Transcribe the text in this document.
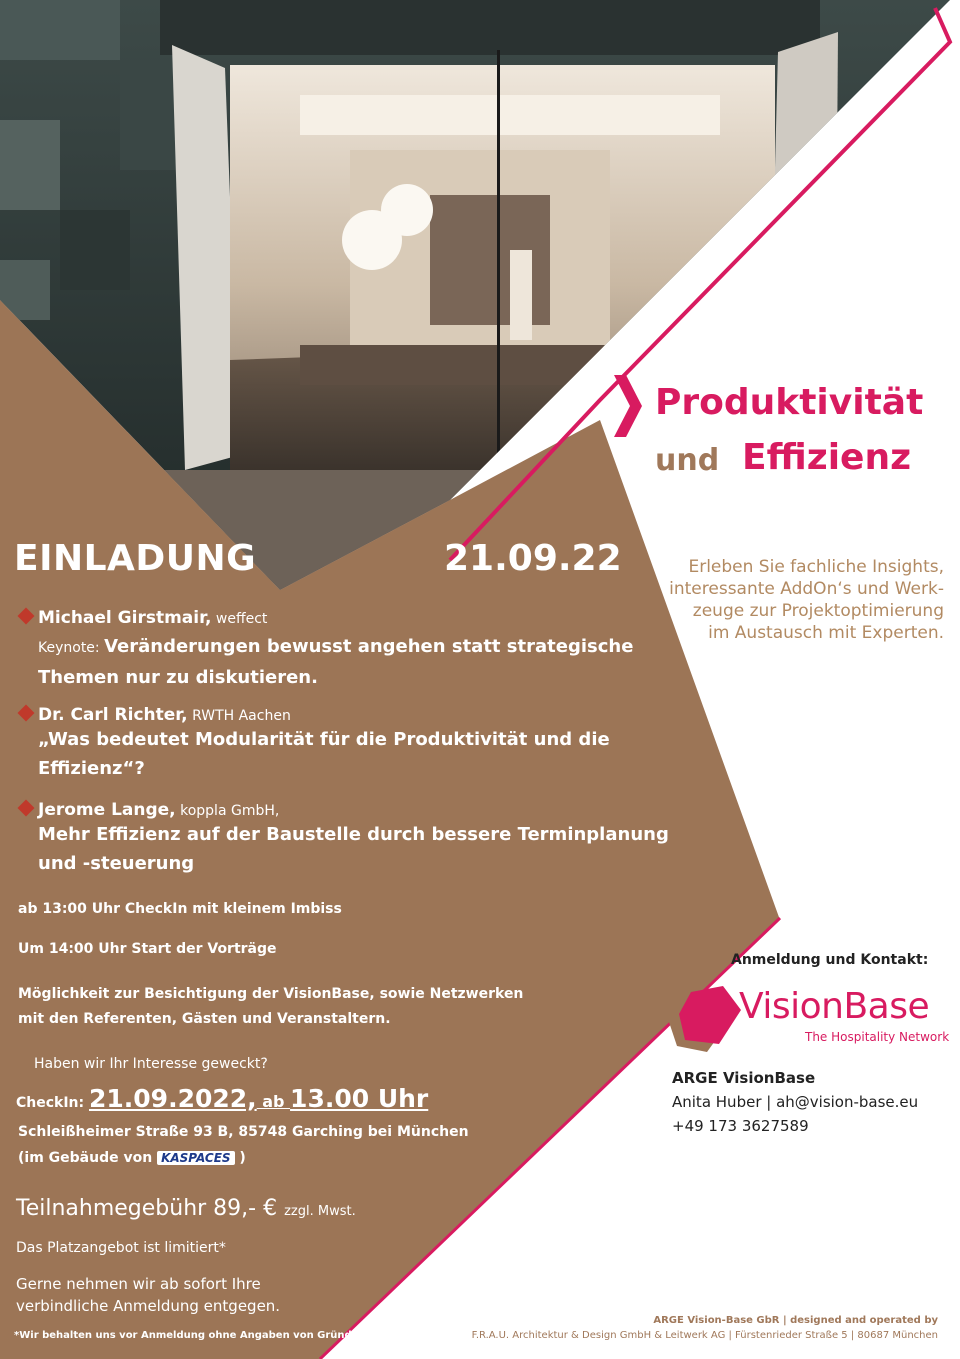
EINLADUNG	21.09.22
Produktivität
und Effizienz
Erleben Sie fachliche Insights,
interessante AddOn‘s und Werk-
zeuge zur Projektoptimierung
im Austausch mit Experten.
Michael Girstmair, weffect
Keynote: Veränderungen bewusst angehen statt strategische
Themen nur zu diskutieren.
Dr. Carl Richter, RWTH Aachen
„Was bedeutet Modularität für die Produktivität und die
Effizienz“?
Jerome Lange, koppla GmbH,
Mehr Effizienz auf der Baustelle durch bessere Terminplanung
und -steuerung
ab 13:00 Uhr CheckIn mit kleinem Imbiss
Um 14:00 Uhr Start der Vorträge
Möglichkeit zur Besichtigung der VisionBase, sowie Netzwerken
mit den Referenten, Gästen und Veranstaltern.
Haben wir Ihr Interesse geweckt?
CheckIn: 21.09.2022, ab 13.00 Uhr
Schleißheimer Straße 93 B, 85748 Garching bei München
(im Gebäude von KASPACES )
Teilnahmegebühr 89,- € zzgl. Mwst.
Das Platzangebot ist limitiert*
Gerne nehmen wir ab sofort Ihre
verbindliche Anmeldung entgegen.
*Wir behalten uns vor Anmeldung ohne Angaben von Gründen abzulehnen.
Anmeldung und Kontakt:
VisionBase
The Hospitality Network
ARGE VisionBase
Anita Huber | ah@vision-base.eu
+49 173 3627589
ARGE Vision-Base GbR | designed and operated by
F.R.A.U. Architektur & Design GmbH & Leitwerk AG | Fürstenrieder Straße 5 | 80687 München
